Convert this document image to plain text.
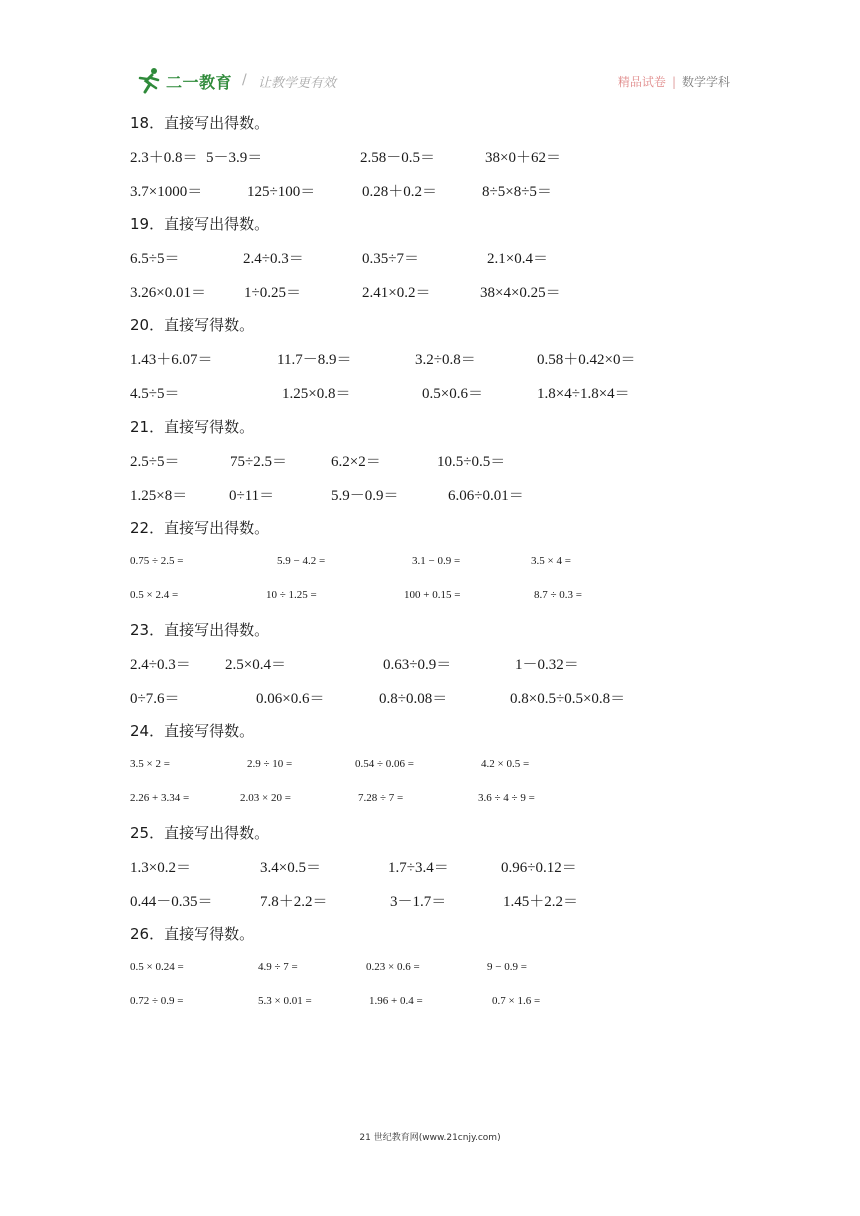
二一教育 / 让教学更有效	精品试卷 | 数学学科
18．直接写出得数。
2.3＋0.8＝ 5－3.9＝	2.58－0.5＝	38×0＋62＝
3.7×1000＝	125÷100＝	0.28＋0.2＝	8÷5×8÷5＝
19．直接写出得数。
6.5÷5＝	2.4÷0.3＝	0.35÷7＝	2.1×0.4＝
3.26×0.01＝	1÷0.25＝	2.41×0.2＝	38×4×0.25＝
20．直接写得数。
1.43＋6.07＝	11.7－8.9＝	3.2÷0.8＝	0.58＋0.42×0＝
4.5÷5＝	1.25×0.8＝	0.5×0.6＝	1.8×4÷1.8×4＝
21．直接写得数。
2.5÷5＝	75÷2.5＝	6.2×2＝	10.5÷0.5＝
1.25×8＝	0÷11＝	5.9－0.9＝	6.06÷0.01＝
22．直接写出得数。
0.75 ÷ 2.5 =	5.9 − 4.2 =	3.1 − 0.9 =	3.5 × 4 =
0.5 × 2.4 =	10 ÷ 1.25 =	100 + 0.15 =	8.7 ÷ 0.3 =
23．直接写出得数。
2.4÷0.3＝ 2.5×0.4＝	0.63÷0.9＝	1－0.32＝
0÷7.6＝	0.06×0.6＝	0.8÷0.08＝	0.8×0.5÷0.5×0.8＝
24．直接写得数。
3.5 × 2 =	2.9 ÷ 10 =	0.54 ÷ 0.06 =	4.2 × 0.5 =
2.26 + 3.34 =	2.03 × 20 =	7.28 ÷ 7 =	3.6 ÷ 4 ÷ 9 =
25．直接写出得数。
1.3×0.2＝	3.4×0.5＝	1.7÷3.4＝	0.96÷0.12＝
0.44－0.35＝	7.8＋2.2＝	3－1.7＝	1.45＋2.2＝
26．直接写得数。
0.5 × 0.24 =	4.9 ÷ 7 =	0.23 × 0.6 =	9 − 0.9 =
0.72 ÷ 0.9 =	5.3 × 0.01 =	1.96 + 0.4 =	0.7 × 1.6 =
21 世纪教育网(www.21cnjy.com)
